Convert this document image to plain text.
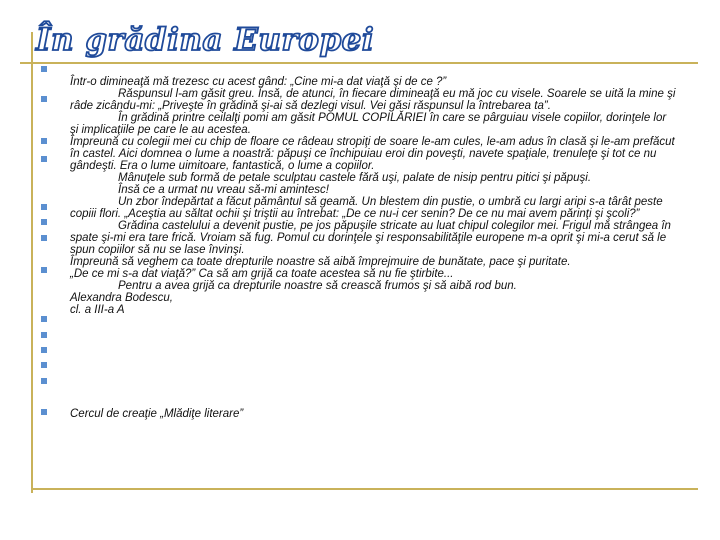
În grădina Europei

Într-o dimineaţă mă trezesc cu acest gând: „Cine mi-a dat viaţă şi de ce ?”

Răspunsul l-am găsit greu. Însă, de atunci, în fiecare dimineaţă eu mă joc cu visele. Soarele se uită la mine şi râde zicându-mi: „Priveşte în grădină şi-ai să dezlegi visul. Vei găsi răspunsul la întrebarea ta”.

În grădină printre ceilalţi pomi am găsit POMUL COPILĂRIEI în care se pârguiau visele copiilor, dorinţele lor şi implicaţiile pe care le au acestea.

Împreună cu colegii mei cu chip de floare ce râdeau stropiţi de soare le-am cules, le-am adus în clasă şi le-am prefăcut în castel. Aici domnea o lume a noastră: păpuşi ce închipuiau eroi din poveşti, navete spaţiale, trenuleţe şi tot ce nu gândeşti. Era o lume uimitoare, fantastică, o lume a copiilor.

Mânuţele sub formă de petale sculptau castele fără uşi, palate de nisip pentru pitici şi păpuşi.

Însă ce a urmat nu vreau să-mi amintesc!

Un zbor îndepărtat a făcut pământul să geamă. Un blestem din pustie, o umbră cu largi aripi s-a târât peste copiii flori. „Aceştia au săltat ochii şi triştii au întrebat: „De ce nu-i cer senin? De ce nu mai avem părinţi şi şcoli?”

Grădina castelului a devenit pustie, pe jos păpuşile stricate au luat chipul colegilor mei. Frigul mă strângea în spate şi-mi era tare frică. Vroiam să fug. Pomul cu dorinţele şi responsabilităţile europene m-a oprit şi mi-a cerut să le spun copiilor să nu se lase învinşi.

Împreună să veghem ca toate drepturile noastre să aibă împrejmuire de bunătate, pace şi puritate.

„De ce mi s-a dat viaţă?” Ca să am grijă ca toate acestea să nu fie ştirbite...

Pentru a avea grijă ca drepturile noastre să crească frumos şi să aibă rod bun.

Alexandra Bodescu,

cl. a III-a A

Cercul de creaţie „Mlădiţe literare”
